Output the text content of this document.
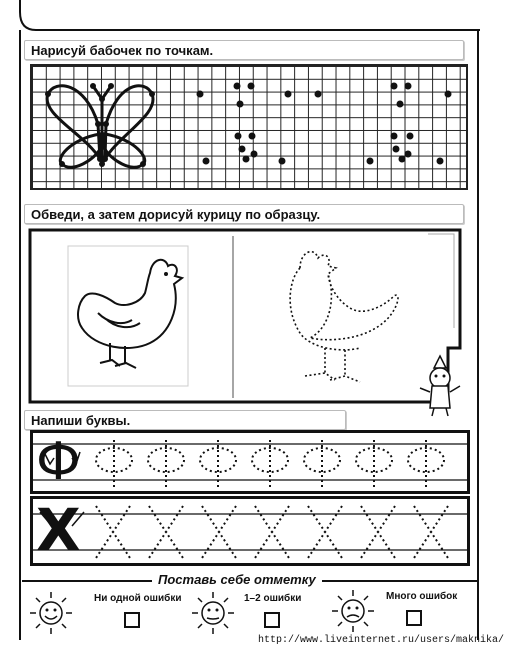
Нарисуй бабочек по точкам.
Обведи, а затем дорисуй курицу по образцу.
Напиши буквы.
Ф
Х
Поставь себе отметку
Ни одной ошибки	1–2 ошибки	Много ошибок
http://www.liveinternet.ru/users/maknika/
